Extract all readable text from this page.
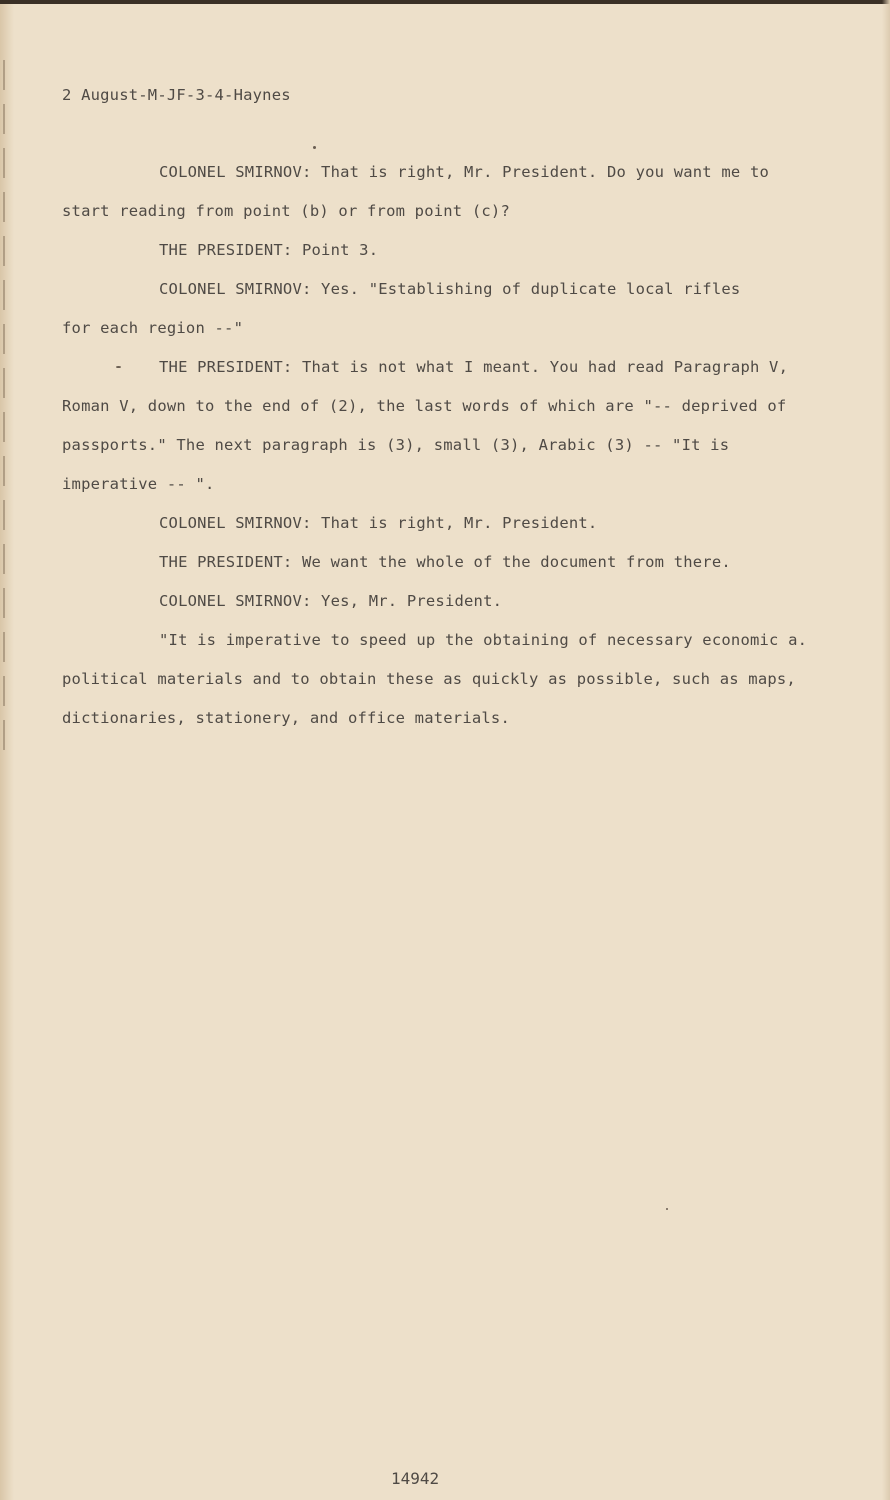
2 August-M-JF-3-4-Haynes
COLONEL SMIRNOV: That is right, Mr. President. Do you want me to
start reading from point (b) or from point (c)?
THE PRESIDENT: Point 3.
COLONEL SMIRNOV: Yes. "Establishing of duplicate local rifles
for each region --"
THE PRESIDENT: That is not what I meant. You had read Paragraph V,
Roman V, down to the end of (2), the last words of which are "-- deprived of
passports." The next paragraph is (3), small (3), Arabic (3) -- "It is
imperative -- ".
COLONEL SMIRNOV: That is right, Mr. President.
THE PRESIDENT: We want the whole of the document from there.
COLONEL SMIRNOV: Yes, Mr. President.
"It is imperative to speed up the obtaining of necessary economic a.
political materials and to obtain these as quickly as possible, such as maps,
dictionaries, stationery, and office materials.
14942
